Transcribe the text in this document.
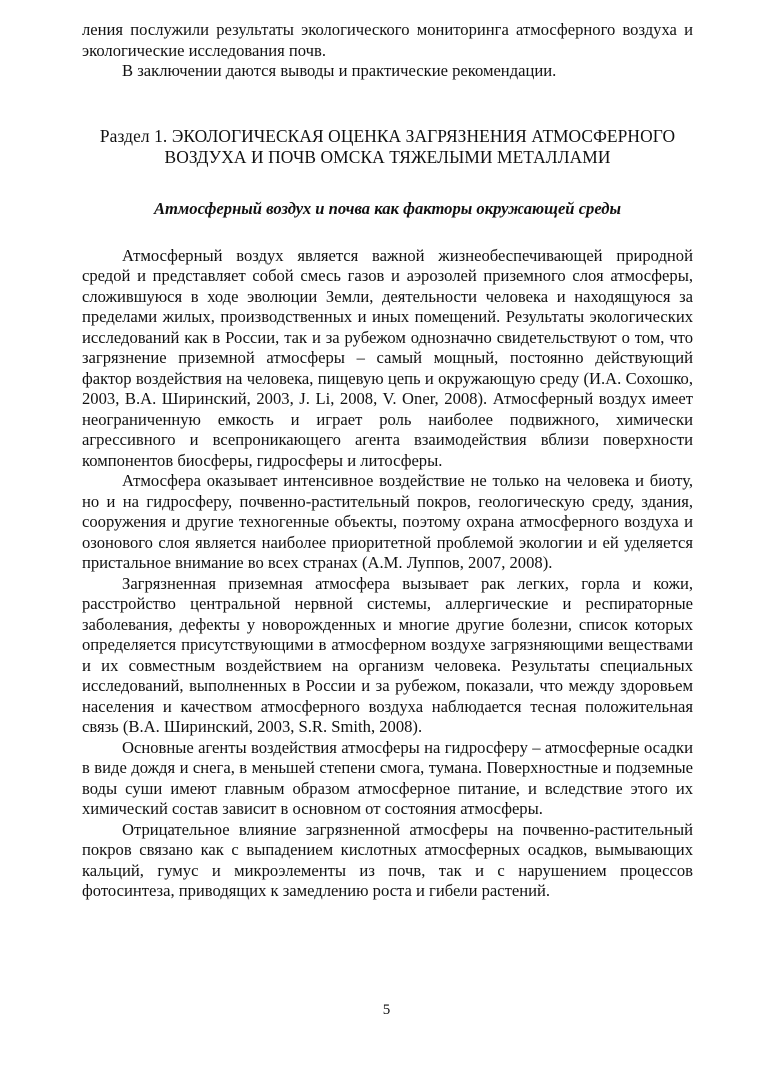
ления послужили результаты экологического мониторинга атмосферного воздуха и экологические исследования почв.

В заключении даются выводы и практические рекомендации.

Раздел 1. ЭКОЛОГИЧЕСКАЯ ОЦЕНКА ЗАГРЯЗНЕНИЯ АТМОСФЕРНОГО
ВОЗДУХА И ПОЧВ ОМСКА ТЯЖЕЛЫМИ МЕТАЛЛАМИ
Атмосферный воздух и почва как факторы окружающей среды

Атмосферный воздух является важной жизнеобеспечивающей природной средой и представляет собой смесь газов и аэрозолей приземного слоя атмосферы, сложившуюся в ходе эволюции Земли, деятельности человека и находящуюся за пределами жилых, производственных и иных помещений. Результаты экологических исследований как в России, так и за рубежом однозначно свидетельствуют о том, что загрязнение приземной атмосферы – самый мощный, постоянно действующий фактор воздействия на человека, пищевую цепь и окружающую среду (И.А. Сохошко, 2003, В.А. Ширинский, 2003, J. Li, 2008, V. Oner, 2008). Атмосферный воздух имеет неограниченную емкость и играет роль наиболее подвижного, химически агрессивного и всепроникающего агента взаимодействия вблизи поверхности компонентов биосферы, гидросферы и литосферы.

Атмосфера оказывает интенсивное воздействие не только на человека и биоту, но и на гидросферу, почвенно-растительный покров, геологическую среду, здания, сооружения и другие техногенные объекты, поэтому охрана атмосферного воздуха и озонового слоя является наиболее приоритетной проблемой экологии и ей уделяется пристальное внимание во всех странах (А.М. Луппов, 2007, 2008).

Загрязненная приземная атмосфера вызывает рак легких, горла и кожи, расстройство центральной нервной системы, аллергические и респираторные заболевания, дефекты у новорожденных и многие другие болезни, список которых определяется присутствующими в атмосферном воздухе загрязняющими веществами и их совместным воздействием на организм человека. Результаты специальных исследований, выполненных в России и за рубежом, показали, что между здоровьем населения и качеством атмосферного воздуха наблюдается тесная положительная связь (В.А. Ширинский, 2003, S.R. Smith, 2008).

Основные агенты воздействия атмосферы на гидросферу – атмосферные осадки в виде дождя и снега, в меньшей степени смога, тумана. Поверхностные и подземные воды суши имеют главным образом атмосферное питание, и вследствие этого их химический состав зависит в основном от состояния атмосферы.

Отрицательное влияние загрязненной атмосферы на почвенно-растительный покров связано как с выпадением кислотных атмосферных осадков, вымывающих кальций, гумус и микроэлементы из почв, так и с нарушением процессов фотосинтеза, приводящих к замедлению роста и гибели растений.

5
